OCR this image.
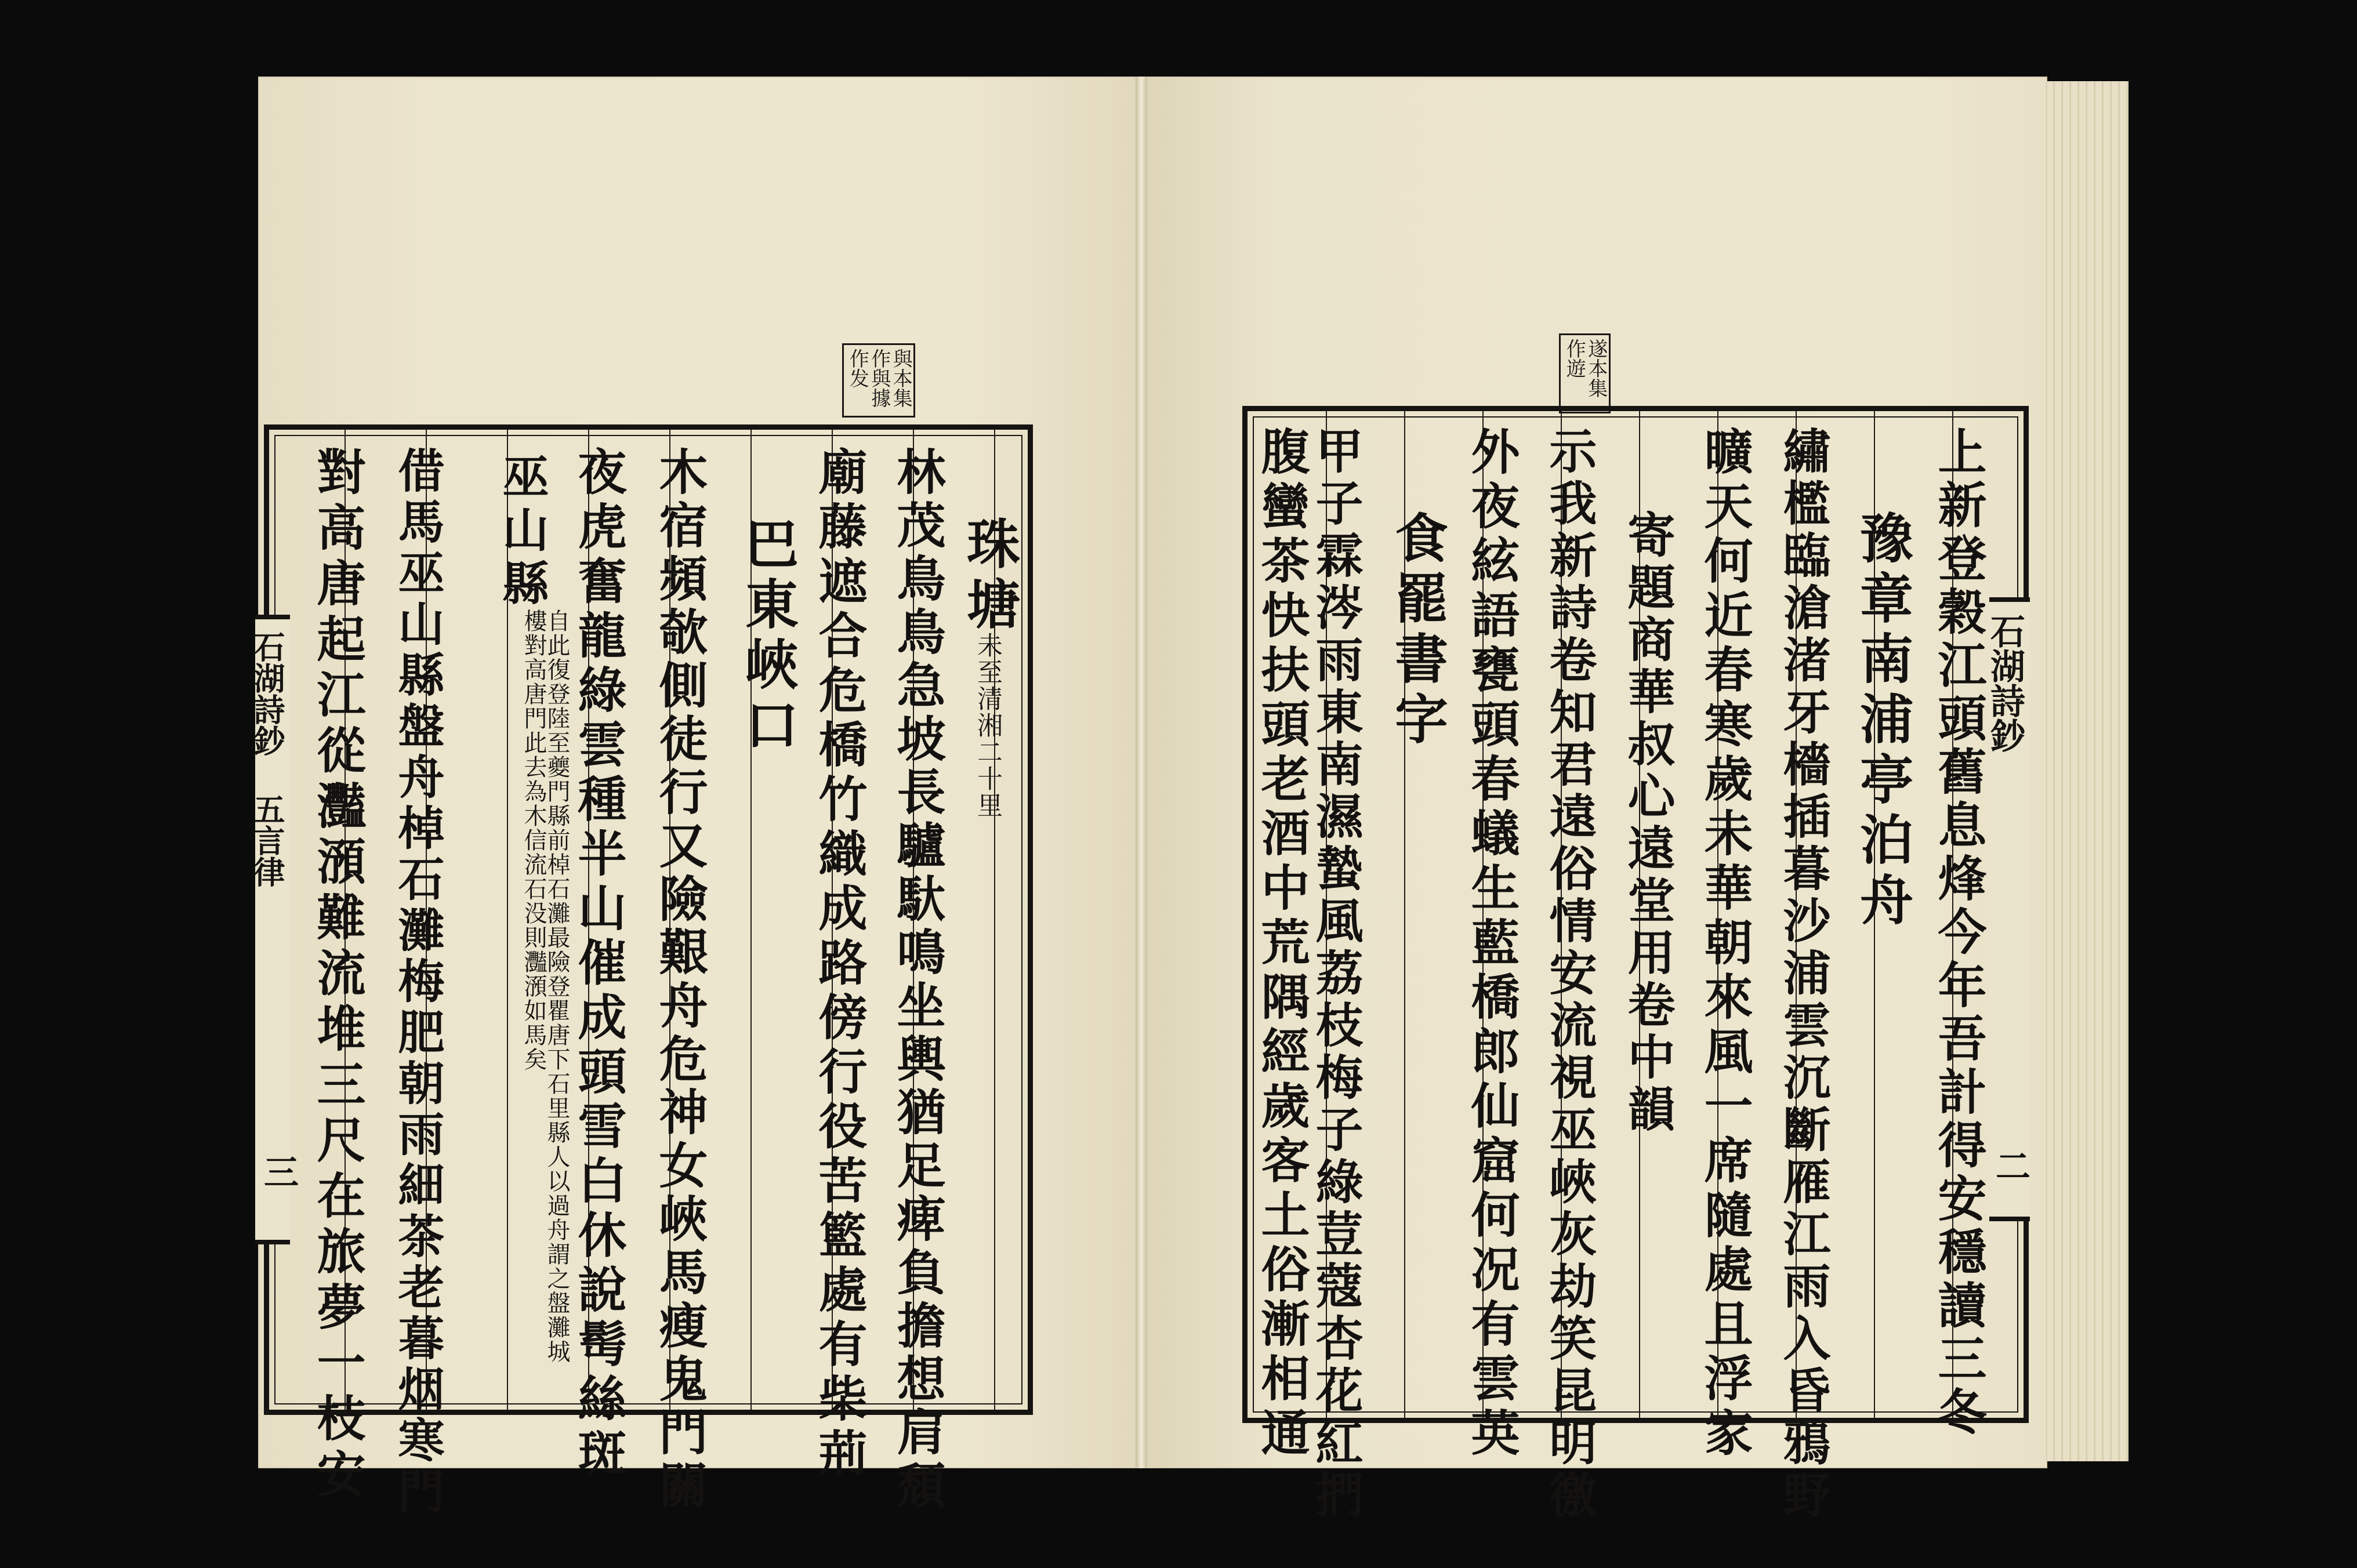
與本集作與據作发
石湖詩鈔 五言律
三
珠塘
未至清湘二十里
林茂鳥鳥急坡長驢馱鳴坐輿猶足痺負擔想肩頹
廟藤遮合危橋竹織成路傍行役苦籃處有柴荊
巴東峽口
木宿頻欹側徒行又險艱舟危神女峽馬瘦鬼門關
夜虎奮龍綠雲種半山催成頭雪白休說髩絲斑
巫山縣
自此復登陸至夔門縣前棹石灘最險登瞿唐下石里縣人以過舟謂之盤灘城樓對高唐門此去為木信流石没則灩澦如馬矣
借馬巫山縣盤舟棹石灘梅肥朝雨細茶老暮烟寒門
對高唐起江從灩澦難流堆三尺在旅夢一枝安
遂本集作遊
石湖詩鈔
二
上新登穀江頭舊息烽今年吾計得安穩讀三冬
豫章南浦亭泊舟
繡檻臨滄渚牙檣插暮沙浦雲沉斷雁江雨入昏鴉野
曠天何近春寒歲未華朝來風一席隨處且浮家
寄題商華叔心遠堂用卷中韻
示我新詩卷知君遠俗情安流視巫峽灰劫笑昆明徼
外夜絃語甕頭春蟻生藍橋郎仙窟何况有雲英
食罷書字
甲子霖涔雨東南濕蟄風荔枝梅子綠荳蔻杏花紅捫
腹蠻茶快扶頭老酒中荒隅經歲客土俗漸相通
